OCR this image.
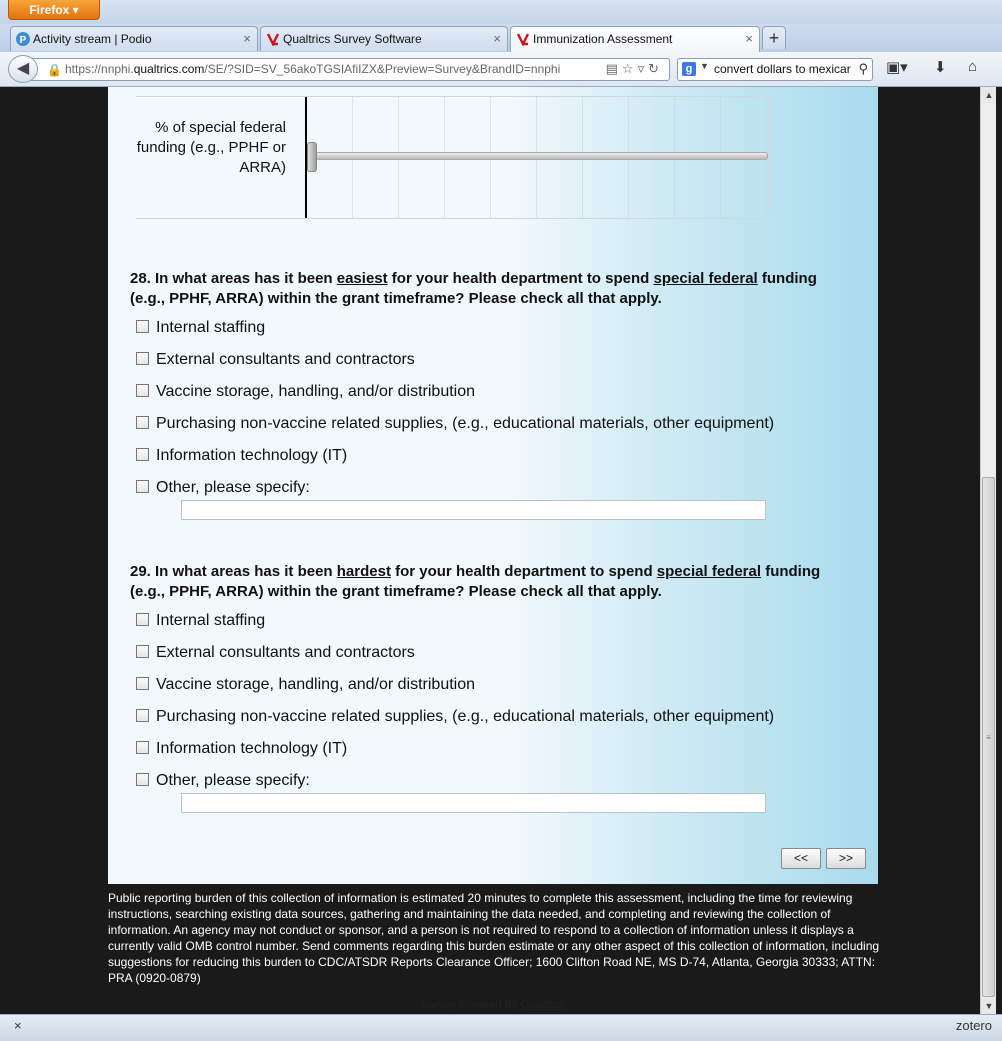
Firefox ▾
P Activity stream | Podio	×	Qualtrics Survey Software	×	Immunization Assessment	× +
🔒 https://nnphi.qualtrics.com/SE/?SID=SV_56akoTGSIAfiIZX&Preview=Survey&BrandID=nnphi	▤☆▿↻
◀	g ▼ convert dollars to mexicar ⚲ ▣▾ ⬇ ⌂
% of special federal funding (e.g., PPHF or ARRA)
28. In what areas has it been easiest for your health department to spend special federal funding (e.g., PPHF, ARRA) within the grant timeframe? Please check all that apply.
Internal staffing
External consultants and contractors
Vaccine storage, handling, and/or distribution
Purchasing non-vaccine related supplies, (e.g., educational materials, other equipment)
Information technology (IT)
Other, please specify:
29. In what areas has it been hardest for your health department to spend special federal funding (e.g., PPHF, ARRA) within the grant timeframe? Please check all that apply.
Internal staffing
External consultants and contractors
Vaccine storage, handling, and/or distribution
Purchasing non-vaccine related supplies, (e.g., educational materials, other equipment)
Information technology (IT)
Other, please specify:
<<	>>
Public reporting burden of this collection of information is estimated 20 minutes to complete this assessment, including the time for reviewing instructions, searching existing data sources, gathering and maintaining the data needed, and completing and reviewing the collection of information. An agency may not conduct or sponsor, and a person is not required to respond to a collection of information unless it displays a currently valid OMB control number. Send comments regarding this burden estimate or any other aspect of this collection of information, including suggestions for reducing this burden to CDC/ATSDR Reports Clearance Officer; 1600 Clifton Road NE, MS D-74, Atlanta, Georgia 30333; ATTN: PRA (0920-0879)
Survey Powered By Qualtrics
▲
≡
▼
×	zotero
